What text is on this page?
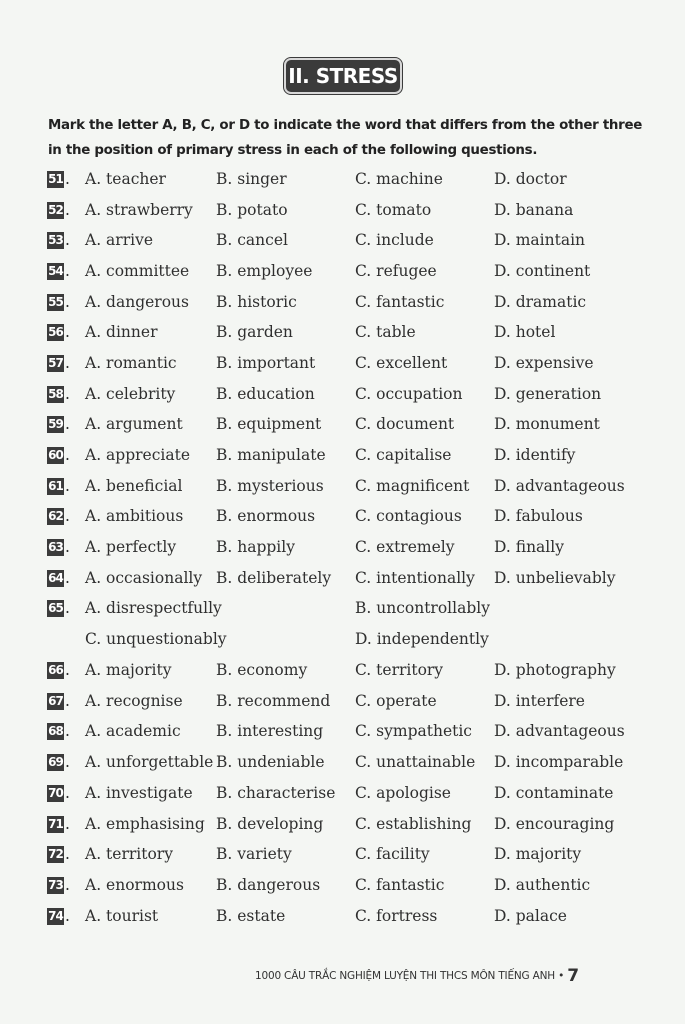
II. STRESS
Mark the letter A, B, C, or D to indicate the word that differs from the other three in the position of primary stress in each of the following questions.
51 . A. teacher	B. singer	C. machine	D. doctor
52 . A. strawberry B. potato	C. tomato	D. banana
53 . A. arrive	B. cancel	C. include	D. maintain
54 . A. committee B. employee	C. refugee	D. continent
55 . A. dangerous B. historic	C. fantastic	D. dramatic
56 . A. dinner	B. garden	C. table	D. hotel
57 . A. romantic	B. important	C. excellent	D. expensive
58 . A. celebrity	B. education	C. occupation D. generation
59 . A. argument B. equipment C. document	D. monument
60 . A. appreciate B. manipulate C. capitalise	D. identify
61 . A. beneficial B. mysterious C. magnificent D. advantageous
62 . A. ambitious B. enormous	C. contagious D. fabulous
63 . A. perfectly	B. happily	C. extremely	D. finally
64 . A. occasionally B. deliberately C. intentionally D. unbelievably
65 . A. disrespectfully	B. uncontrollably
C. unquestionably	D. independently
66 . A. majority	B. economy	C. territory	D. photography
67 . A. recognise B. recommend C. operate	D. interfere
68 . A. academic B. interesting C. sympathetic D. advantageous
69 . A. unforgettable B. undeniable C. unattainable D. incomparable
70 . A. investigate B. characterise C. apologise	D. contaminate
71 . A. emphasising B. developing C. establishing D. encouraging
72 . A. territory	B. variety	C. facility	D. majority
73 . A. enormous B. dangerous C. fantastic	D. authentic
74 . A. tourist	B. estate	C. fortress	D. palace
1000 CÂU TRẮC NGHIỆM LUYỆN THI THCS MÔN TIẾNG ANH • 7
